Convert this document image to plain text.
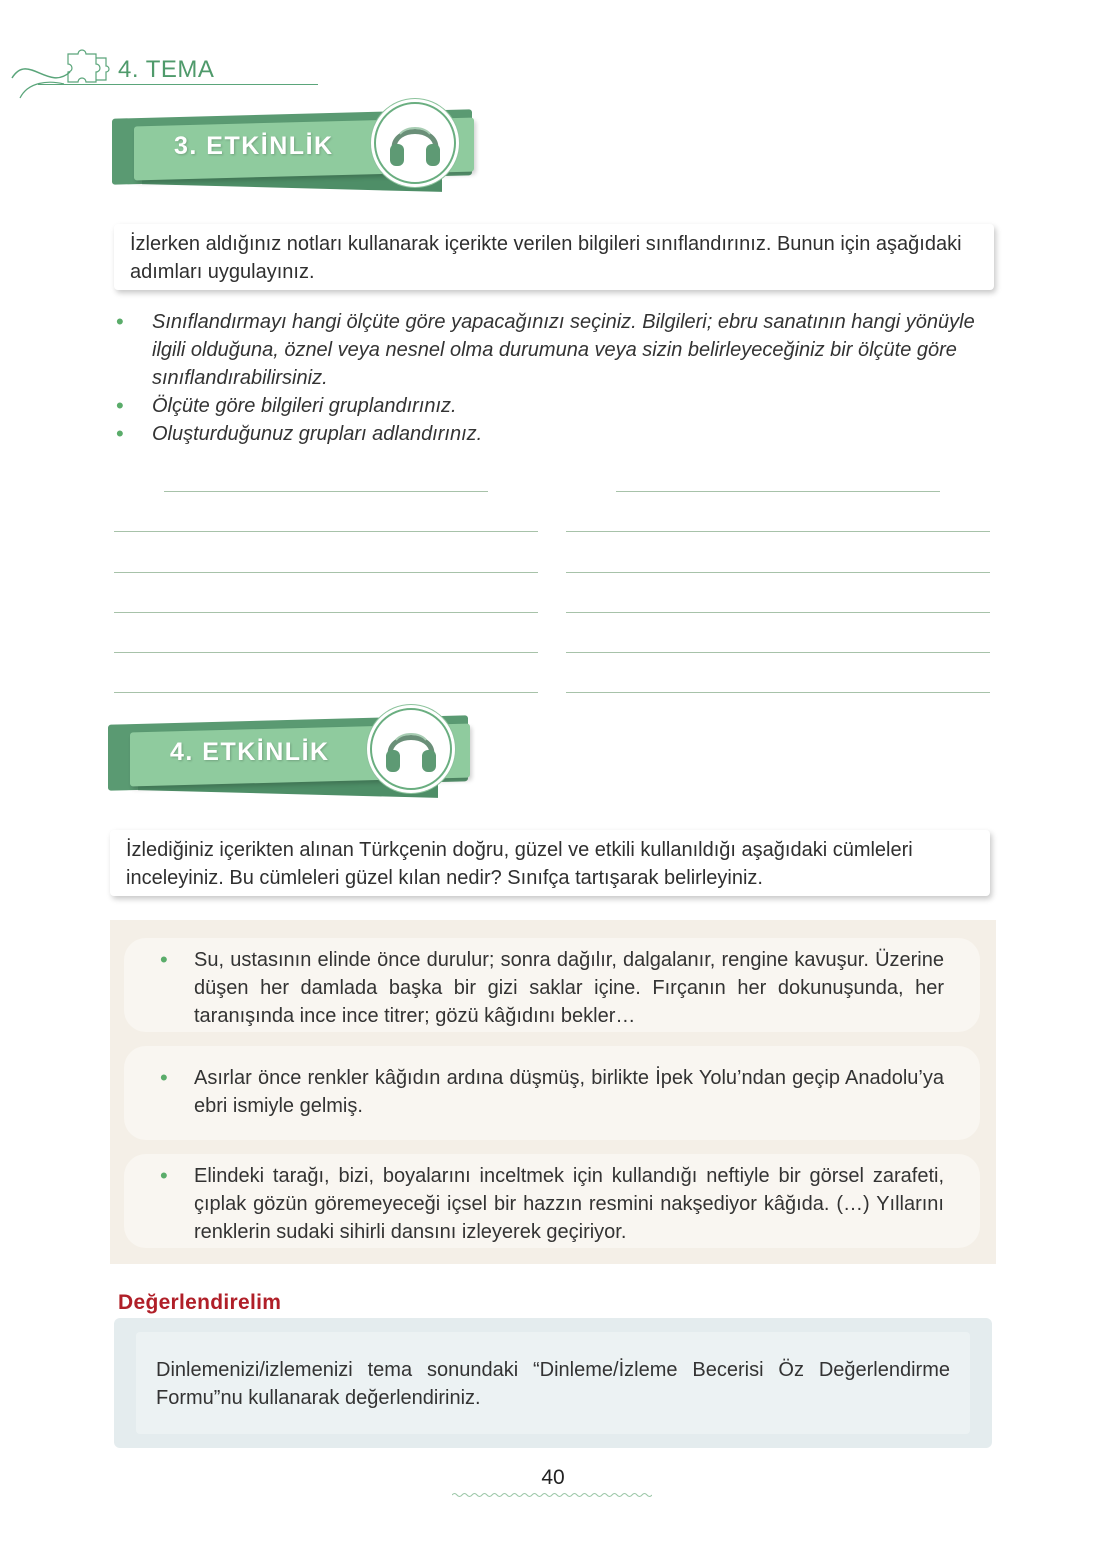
4. TEMA
3. ETKİNLİK
İzlerken aldığınız notları kullanarak içerikte verilen bilgileri sınıflandırınız. Bunun için aşağıdaki adımları uygulayınız.
• Sınıflandırmayı hangi ölçüte göre yapacağınızı seçiniz. Bilgileri; ebru sanatının hangi yönüyle ilgili olduğuna, öznel veya nesnel olma durumuna veya sizin belirleyeceğiniz bir ölçüte göre sınıflandırabilirsiniz.
• Ölçüte göre bilgileri gruplandırınız.
• Oluşturduğunuz grupları adlandırınız.
4. ETKİNLİK
İzlediğiniz içerikten alınan Türkçenin doğru, güzel ve etkili kullanıldığı aşağıdaki cümleleri inceleyiniz. Bu cümleleri güzel kılan nedir? Sınıfça tartışarak belirleyiniz.
• Su, ustasının elinde önce durulur; sonra dağılır, dalgalanır, rengine kavuşur. Üzerine düşen her damlada başka bir gizi saklar içine. Fırçanın her dokunuşunda, her taranışında ince ince titrer; gözü kâğıdını bekler…
• Asırlar önce renkler kâğıdın ardına düşmüş, birlikte İpek Yolu’ndan geçip Anadolu’ya ebri ismiyle gelmiş.
• Elindeki tarağı, bizi, boyalarını inceltmek için kullandığı neftiyle bir görsel zarafeti, çıplak gözün göremeyeceği içsel bir hazzın resmini nakşediyor kâğıda. (…) Yıllarını renklerin sudaki sihirli dansını izleyerek geçiriyor.
Değerlendirelim
Dinlemenizi/izlemenizi tema sonundaki “Dinleme/İzleme Becerisi Öz Değerlendirme Formu”nu kullanarak değerlendiriniz.
40
